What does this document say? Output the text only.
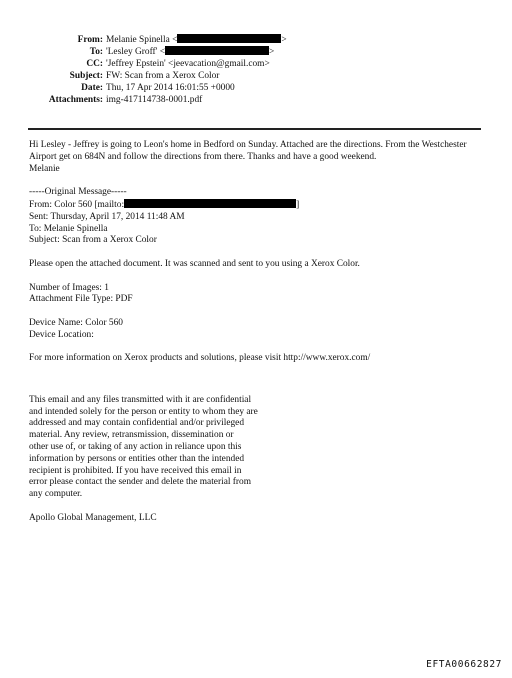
From: Melanie Spinella <	>
To: 'Lesley Groff' <	>
CC: 'Jeffrey Epstein' <jeevacation@gmail.com>
Subject: FW: Scan from a Xerox Color
Date: Thu, 17 Apr 2014 16:01:55 +0000
Attachments: img-417114738-0001.pdf

Hi Lesley - Jeffrey is going to Leon's home in Bedford on Sunday. Attached are the directions. From the Westchester Airport get on 684N and follow the directions from there. Thanks and have a good weekend.

Melanie

-----Original Message-----

From: Color 560 [mailto:	]

Sent: Thursday, April 17, 2014 11:48 AM

To: Melanie Spinella

Subject: Scan from a Xerox Color

Please open the attached document. It was scanned and sent to you using a Xerox Color.

Number of Images: 1

Attachment File Type: PDF

Device Name: Color 560

Device Location:

For more information on Xerox products and solutions, please visit http://www.xerox.com/

This email and any files transmitted with it are confidential

and intended solely for the person or entity to whom they are

addressed and may contain confidential and/or privileged

material. Any review, retransmission, dissemination or

other use of, or taking of any action in reliance upon this

information by persons or entities other than the intended

recipient is prohibited. If you have received this email in

error please contact the sender and delete the material from

any computer.

Apollo Global Management, LLC

EFTA00662827
